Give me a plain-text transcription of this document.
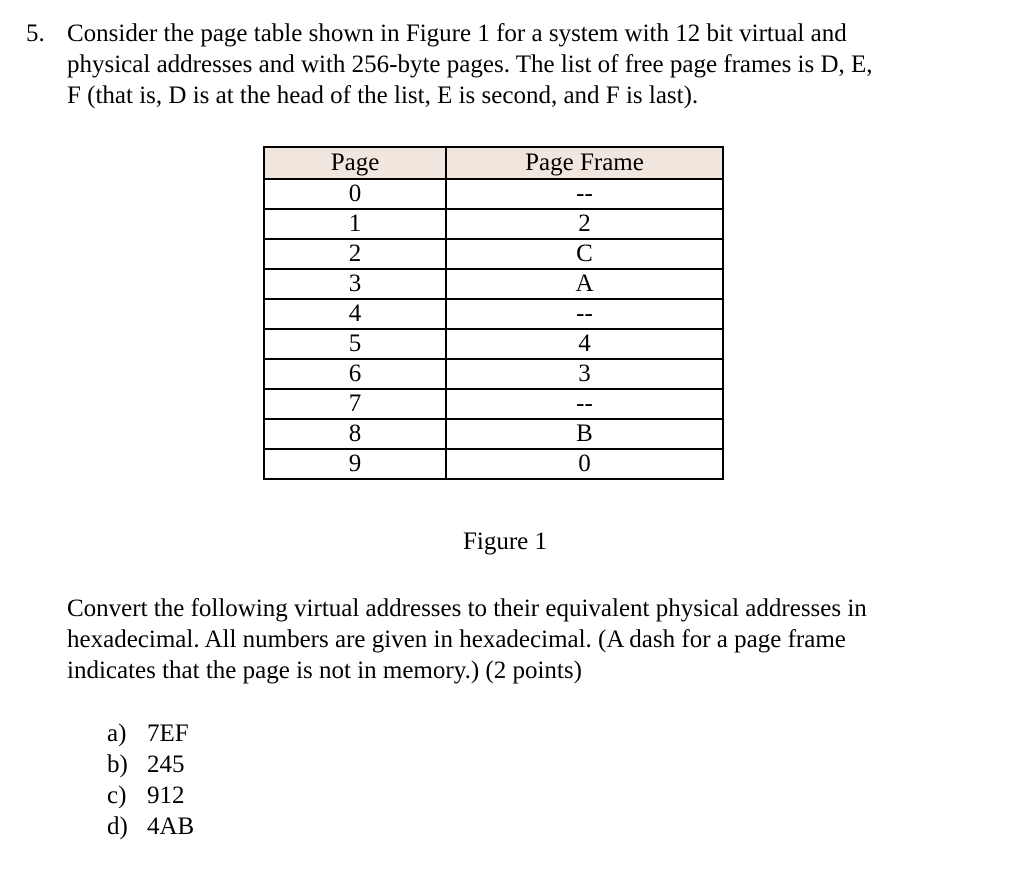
5. Consider the page table shown in Figure 1 for a system with 12 bit virtual and
physical addresses and with 256-byte pages. The list of free page frames is D, E,
F (that is, D is at the head of the list, E is second, and F is last).
Page	Page Frame
0	--
1	2
2	C
3	A
4	--
5	4
6	3
7	--
8	B
9	0
Figure 1
Convert the following virtual addresses to their equivalent physical addresses in
hexadecimal. All numbers are given in hexadecimal. (A dash for a page frame
indicates that the page is not in memory.) (2 points)
a) 7EF
b) 245
c) 912
d) 4AB
